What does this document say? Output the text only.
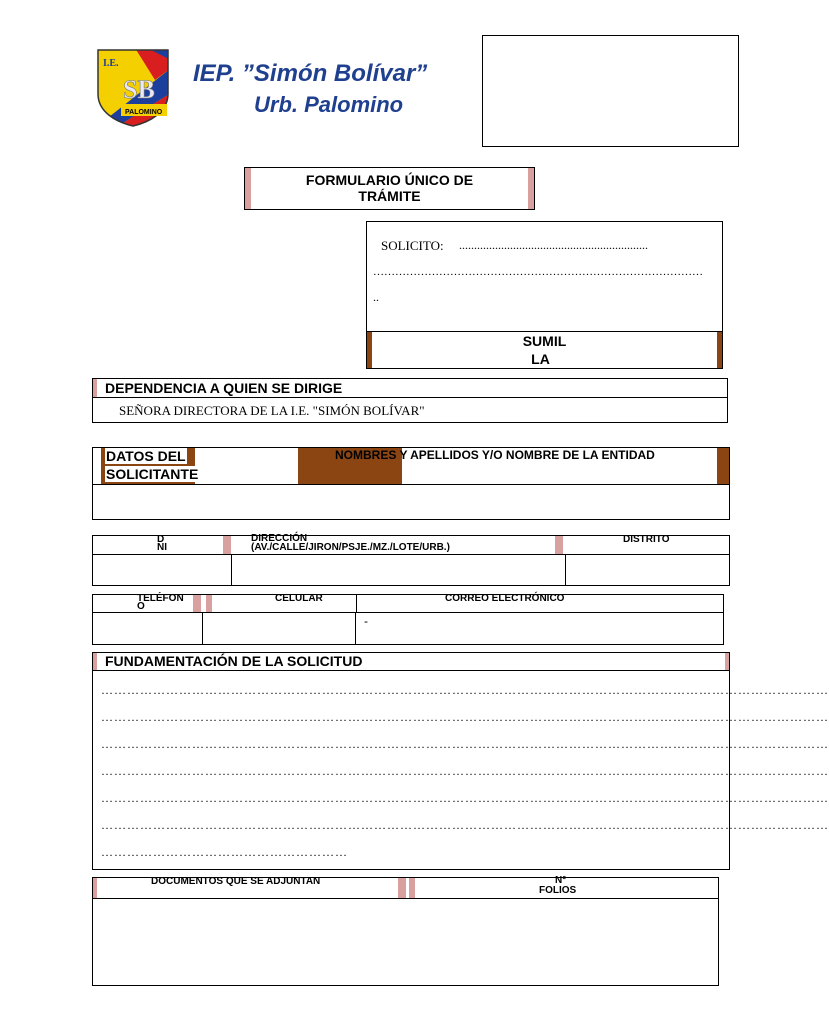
I.E.
SB
PALOMINO
IEP. ”Simón Bolívar”
Urb. Palomino
FORMULARIO ÚNICO DE
TRÁMITE
SOLICITO: ...............................................................
………………………………………………………………………………
..
SUMIL
LA
DEPENDENCIA A QUIEN SE DIRIGE
SEÑORA DIRECTORA DE LA I.E. "SIMÓN BOLÍVAR"
DATOS DEL
SOLICITANTE
NOMBRES Y APELLIDOS Y/O NOMBRE DE LA ENTIDAD
D
NI
DIRECCIÓN
(AV./CALLE/JIRON/PSJE./MZ./LOTE/URB.)
DISTRITO
TELÉFON
O
CELULAR	CORREO ELECTRÓNICO
-
FUNDAMENTACIÓN DE LA SOLICITUD
……………………………………………………………………………………………………………………………………………………
……………………………………………………………………………………………………………………………………………………
……………………………………………………………………………………………………………………………………………………
……………………………………………………………………………………………………………………………………………………
……………………………………………………………………………………………………………………………………………………
……………………………………………………………………………………………………………………………………………………
…………………………………………………
DOCUMENTOS QUE SE ADJUNTAN	N°
FOLIOS
